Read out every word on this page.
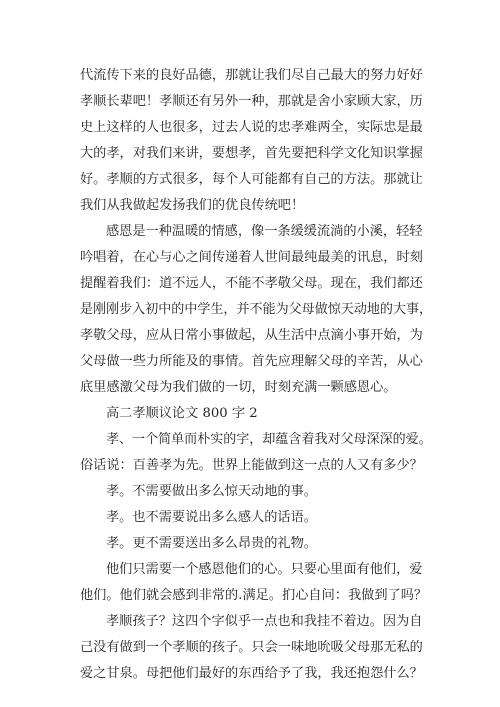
代流传下来的良好品德，那就让我们尽自己最大的努力好好
孝顺长辈吧！孝顺还有另外一种，那就是舍小家顾大家，历
史上这样的人也很多，过去人说的忠孝难两全，实际忠是最
大的孝，对我们来讲，要想孝，首先要把科学文化知识掌握
好。孝顺的方式很多，每个人可能都有自己的方法。那就让
我们从我做起发扬我们的优良传统吧！
感恩是一种温暖的情感，像一条缓缓流淌的小溪，轻轻
吟唱着，在心与心之间传递着人世间最纯最美的讯息，时刻
提醒着我们：道不远人，不能不孝敬父母。现在，我们都还
是刚刚步入初中的中学生，并不能为父母做惊天动地的大事，
孝敬父母，应从日常小事做起，从生活中点滴小事开始，为
父母做一些力所能及的事情。首先应理解父母的辛苦，从心
底里感激父母为我们做的一切，时刻充满一颗感恩心。
高二孝顺议论文 800 字 2
孝、一个简单而朴实的字，却蕴含着我对父母深深的爱。
俗话说：百善孝为先。世界上能做到这一点的人又有多少？
孝。不需要做出多么惊天动地的事。
孝。也不需要说出多么感人的话语。
孝。更不需要送出多么昂贵的礼物。
他们只需要一个感恩他们的心。只要心里面有他们，爱
他们。他们就会感到非常的.满足。扪心自问：我做到了吗？
孝顺孩子？这四个字似乎一点也和我挂不着边。因为自
己没有做到一个孝顺的孩子。只会一味地吮吸父母那无私的
爱之甘泉。母把他们最好的东西给予了我，我还抱怨什么？
